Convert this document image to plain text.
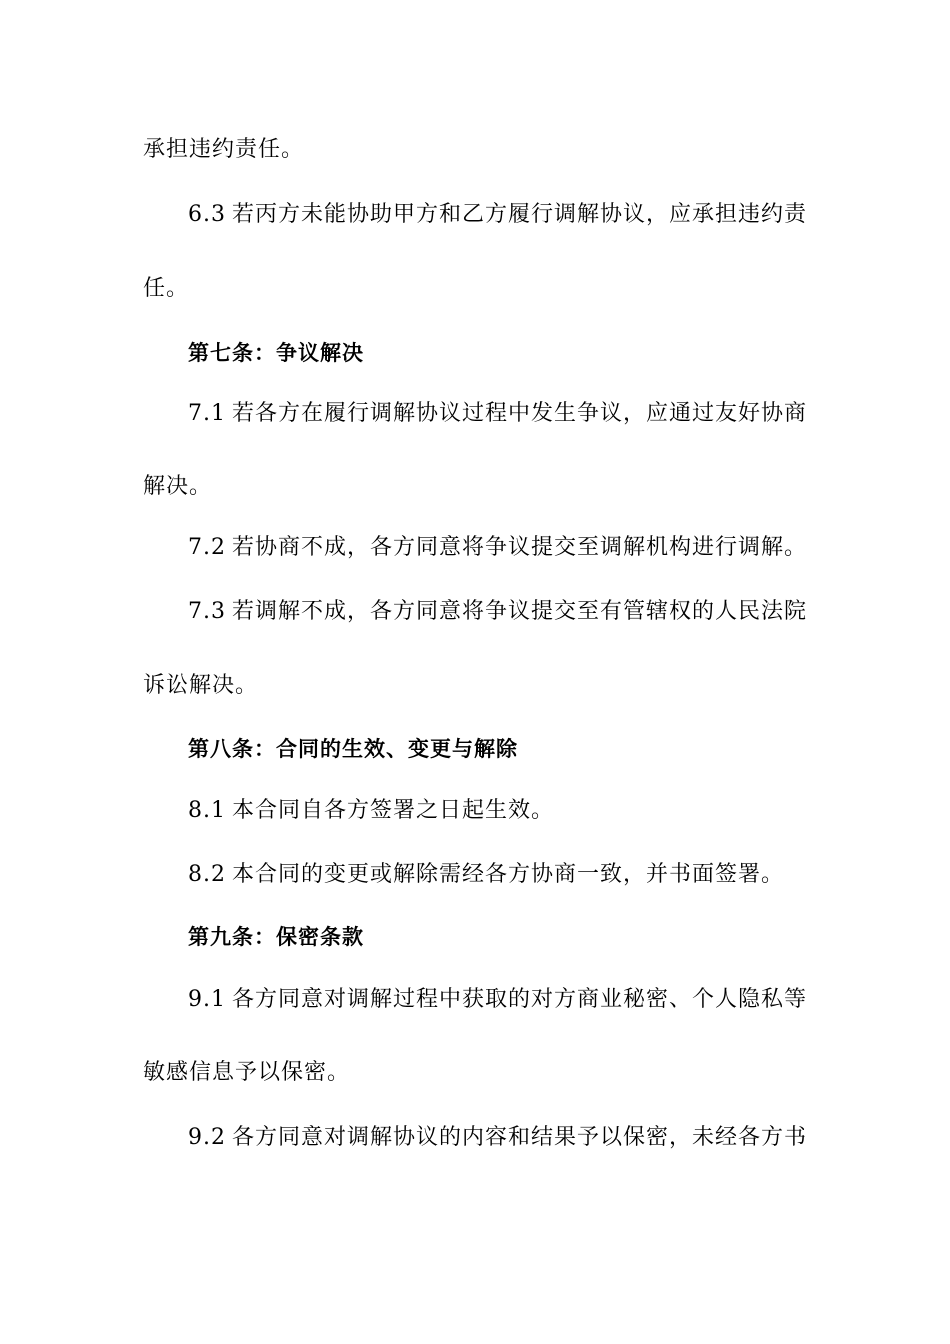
承担违约责任。
6.3 若丙方未能协助甲方和乙方履行调解协议，应承担违约责
任。
第七条：争议解决
7.1 若各方在履行调解协议过程中发生争议，应通过友好协商
解决。
7.2 若协商不成，各方同意将争议提交至调解机构进行调解。
7.3 若调解不成，各方同意将争议提交至有管辖权的人民法院
诉讼解决。
第八条：合同的生效、变更与解除
8.1 本合同自各方签署之日起生效。
8.2 本合同的变更或解除需经各方协商一致，并书面签署。
第九条：保密条款
9.1 各方同意对调解过程中获取的对方商业秘密、个人隐私等
敏感信息予以保密。
9.2 各方同意对调解协议的内容和结果予以保密，未经各方书
